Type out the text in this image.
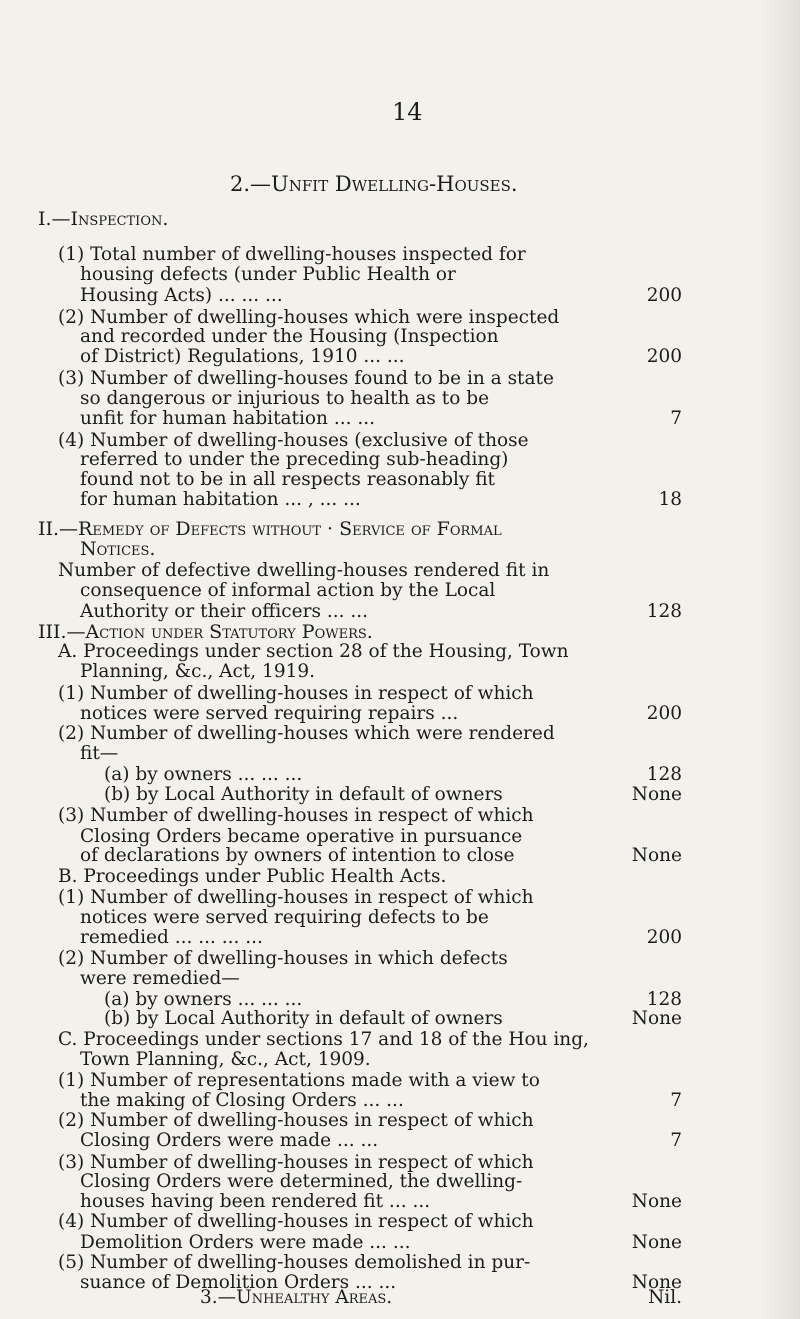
14
2.—Unfit Dwelling-Houses.
I.—Inspection.
(1) Total number of dwelling-houses inspected for
housing defects (under Public Health or
Housing Acts) ... ... ...	200
(2) Number of dwelling-houses which were inspected
and recorded under the Housing (Inspection
of District) Regulations, 1910 ... ...	200
(3) Number of dwelling-houses found to be in a state
so dangerous or injurious to health as to be
unfit for human habitation ... ...	7
(4) Number of dwelling-houses (exclusive of those
referred to under the preceding sub-heading)
found not to be in all respects reasonably fit
for human habitation ... , ... ...	18
II.—Remedy of Defects without · Service of Formal
Notices.
Number of defective dwelling-houses rendered fit in
consequence of informal action by the Local
Authority or their officers ... ...	128
III.—Action under Statutory Powers.
A. Proceedings under section 28 of the Housing, Town
Planning, &c., Act, 1919.
(1) Number of dwelling-houses in respect of which
notices were served requiring repairs ...	200
(2) Number of dwelling-houses which were rendered
fit—
(a) by owners ... ... ...	128
(b) by Local Authority in default of owners	None
(3) Number of dwelling-houses in respect of which
Closing Orders became operative in pursuance
of declarations by owners of intention to close	None
B. Proceedings under Public Health Acts.
(1) Number of dwelling-houses in respect of which
notices were served requiring defects to be
remedied ... ... ... ...	200
(2) Number of dwelling-houses in which defects
were remedied—
(a) by owners ... ... ...	128
(b) by Local Authority in default of owners	None
C. Proceedings under sections 17 and 18 of the Hou ing,
Town Planning, &c., Act, 1909.
(1) Number of representations made with a view to
the making of Closing Orders ... ...	7
(2) Number of dwelling-houses in respect of which
Closing Orders were made ... ...	7
(3) Number of dwelling-houses in respect of which
Closing Orders were determined, the dwelling-
houses having been rendered fit ... ...	None
(4) Number of dwelling-houses in respect of which
Demolition Orders were made ... ...	None
(5) Number of dwelling-houses demolished in pur-
suance of Demolition Orders ... ...	None
3.—Unhealthy Areas.	Nil.
